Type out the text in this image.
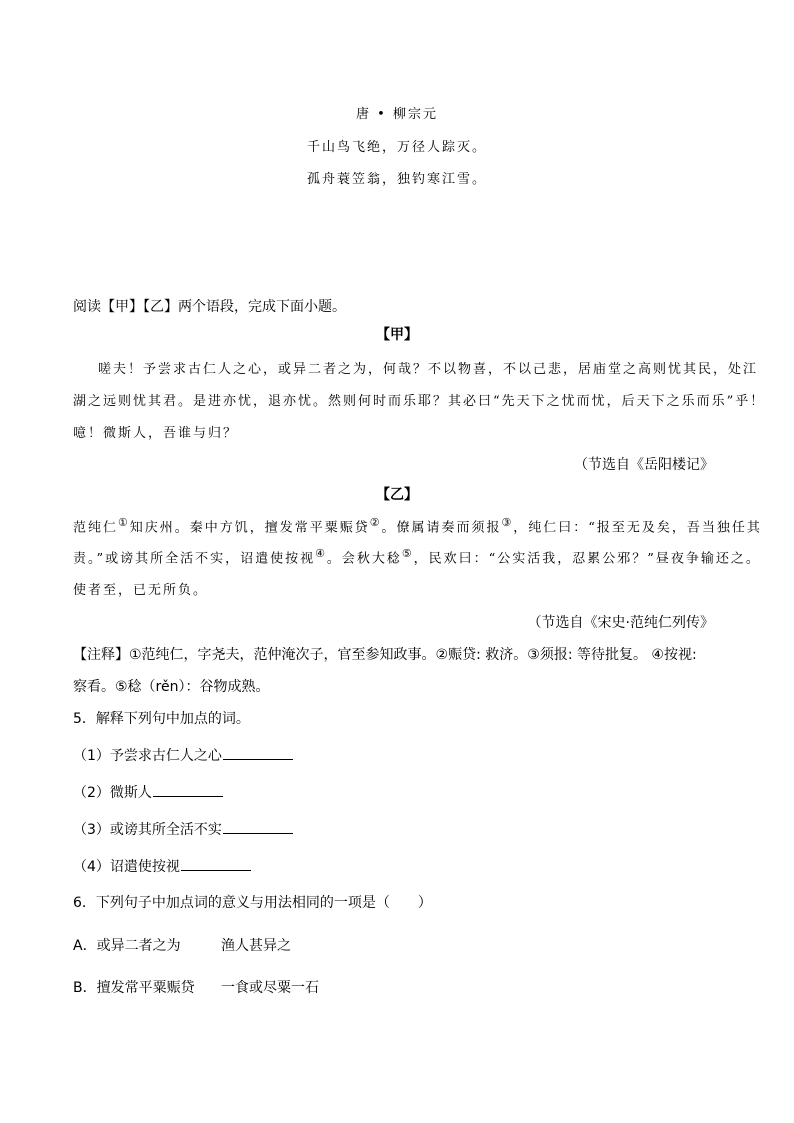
唐 • 柳宗元
千山鸟飞绝，万径人踪灭。
孤舟蓑笠翁，独钓寒江雪。
阅读【甲】【乙】两个语段，完成下面小题。
【甲】
嗟夫！予尝求古仁人之心，或异二者之为，何哉？不以物喜，不以己悲，居庙堂之高则忧其民，处江
湖之远则忧其君。是进亦忧，退亦忧。然则何时而乐耶？其必曰“先天下之忧而忧，后天下之乐而乐”乎！
噫！微斯人，吾谁与归？
（节选自《岳阳楼记》
【乙】
范纯仁①知庆州。秦中方饥，擅发常平粟赈贷②。僚属请奏而须报③，纯仁曰：“报至无及矣，吾当独任其
责。”或谤其所全活不实，诏遣使按视④。会秋大稔⑤，民欢曰：“公实活我，忍累公邪？”昼夜争输还之。
使者至，已无所负。
（节选自《宋史·范纯仁列传》
【注释】①范纯仁，字尧夫，范仲淹次子，官至参知政事。②赈贷: 救济。③须报: 等待批复。 ④按视:
察看。⑤稔（rěn）：谷物成熟。
5．解释下列句中加点的词。
（1）予尝求古仁人之心
（2）微斯人
（3）或谤其所全活不实
（4）诏遣使按视
6．下列句子中加点词的意义与用法相同的一项是（　　）
A．或异二者之为	渔人甚异之
B．擅发常平粟赈贷 一食或尽粟一石
